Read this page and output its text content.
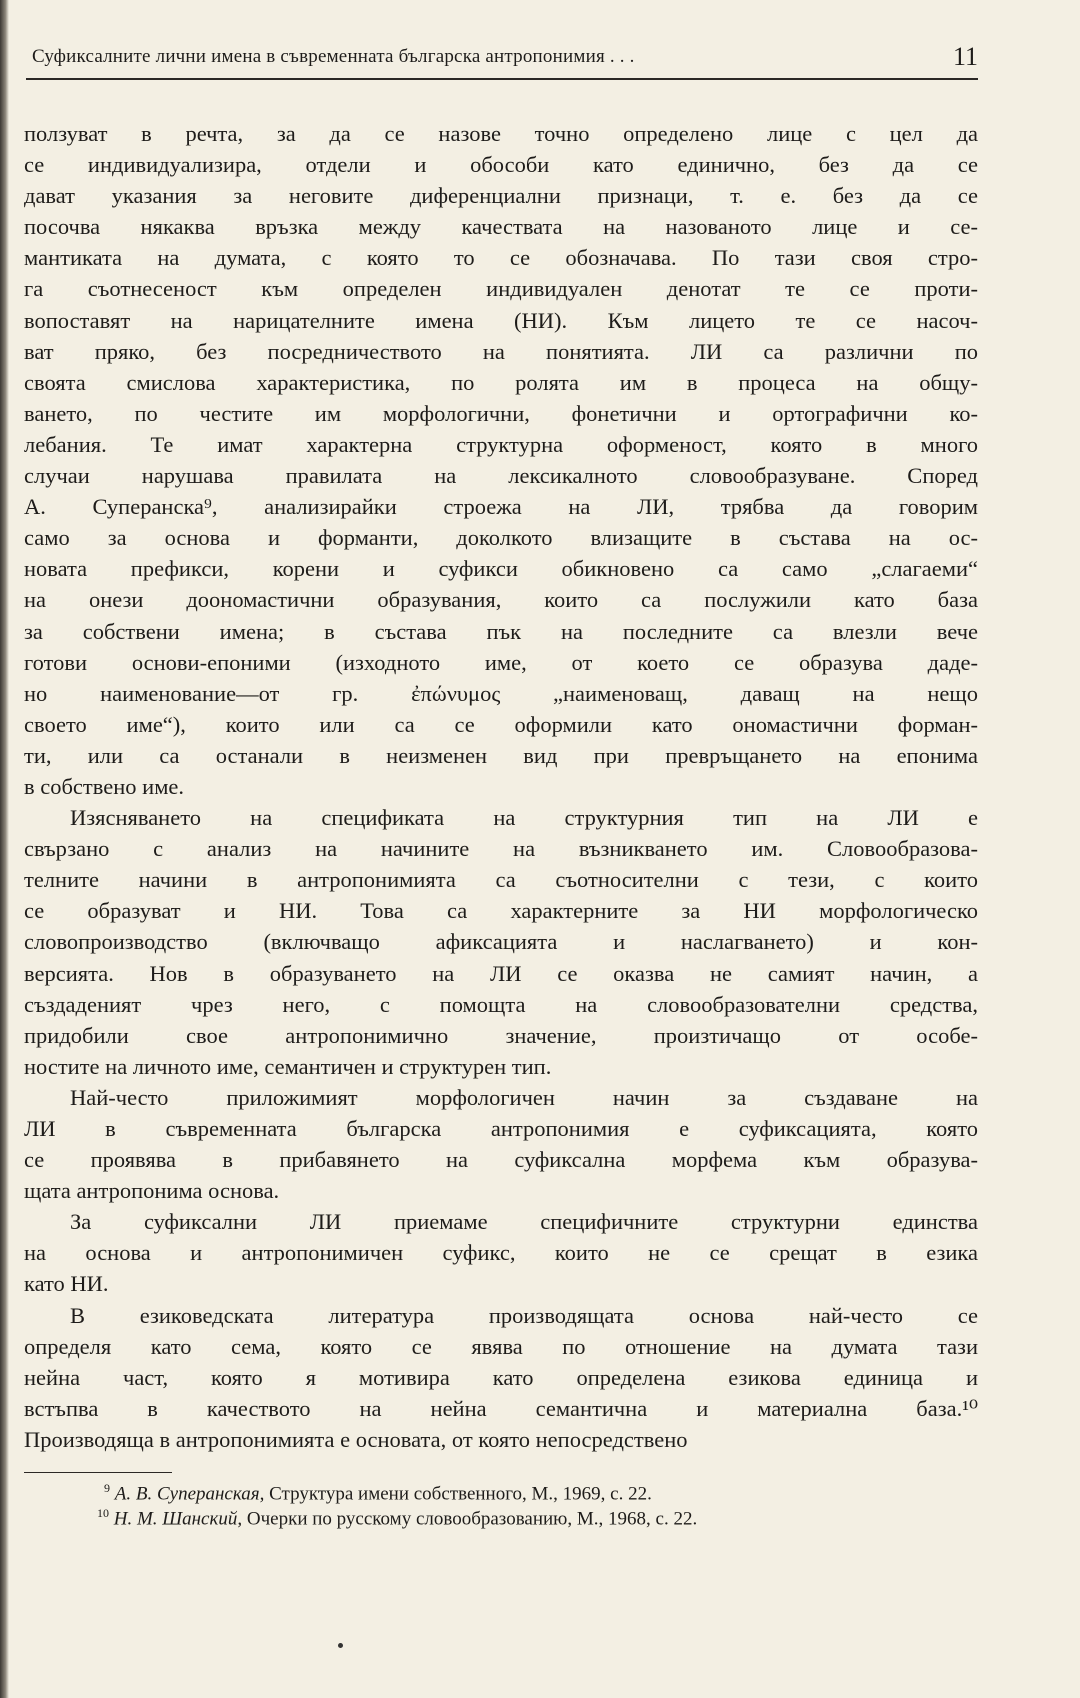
Суфиксалните лични имена в съвременната българска антропонимия . . .	11
ползуват в речта, за да се назове точно определено лице с цел да
се индивидуализира, отдели и обособи като единично, без да се
дават указания за неговите диференциални признаци, т. е. без да се
посочва някаква връзка между качествата на назованото лице и се-
мантиката на думата, с която то се обозначава. По тази своя стро-
га съотнесеност към определен индивидуален денотат те се проти-
вопоставят на нарицателните имена (НИ). Към лицето те се насоч-
ват пряко, без посредничеството на понятията. ЛИ са различни по
своята смислова характеристика, по ролята им в процеса на общу-
ването, по честите им морфологични, фонетични и ортографични ко-
лебания. Те имат характерна структурна оформеност, която в много
случаи нарушава правилата на лексикалното словообразуване. Според
А. Суперанска⁹, анализирайки строежа на ЛИ, трябва да говорим
само за основа и форманти, доколкото влизащите в състава на ос-
новата префикси, корени и суфикси обикновено са само „слагаеми“
на онези доономастични образувания, които са послужили като база
за собствени имена; в състава пък на последните са влезли вече
готови основи-епоними (изходното име, от което се образува даде-
но наименование—от гр. ἐπώνυμος „наименоващ, даващ на нещо
своето име“), които или са се оформили като ономастични форман-
ти, или са останали в неизменен вид при превръщането на епонима
в собствено име.
Изясняването на спецификата на структурния тип на ЛИ е
свързано с анализ на начините на възникването им. Словообразова-
телните начини в антропонимията са съотносителни с тези, с които
се образуват и НИ. Това са характерните за НИ морфологическо
словопроизводство (включващо афиксацията и наслагването) и кон-
версията. Нов в образуването на ЛИ се оказва не самият начин, а
създаденият чрез него, с помощта на словообразователни средства,
придобили свое антропонимично значение, произтичащо от особе-
ностите на личното име, семантичен и структурен тип.
Най-често приложимият морфологичен начин за създаване на
ЛИ в съвременната българска антропонимия е суфиксацията, която
се проявява в прибавянето на суфиксална морфема към образува-
щата антропонима основа.
За суфиксални ЛИ приемаме специфичните структурни единства
на основа и антропонимичен суфикс, които не се срещат в езика
като НИ.
В езиковедската литература производящата основа най-често се
определя като сема, която се явява по отношение на думата тази
нейна част, която я мотивира като определена езикова единица и
встъпва в качеството на нейна семантична и материална база.¹⁰
Производяща в антропонимията е основата, от която непосредствено
$^9$ А. В. Суперанская, Структура имени собственного, М., 1969, с. 22.
$^{10}$ Н. М. Шанский, Очерки по русскому словообразованию, М., 1968, с. 22.
